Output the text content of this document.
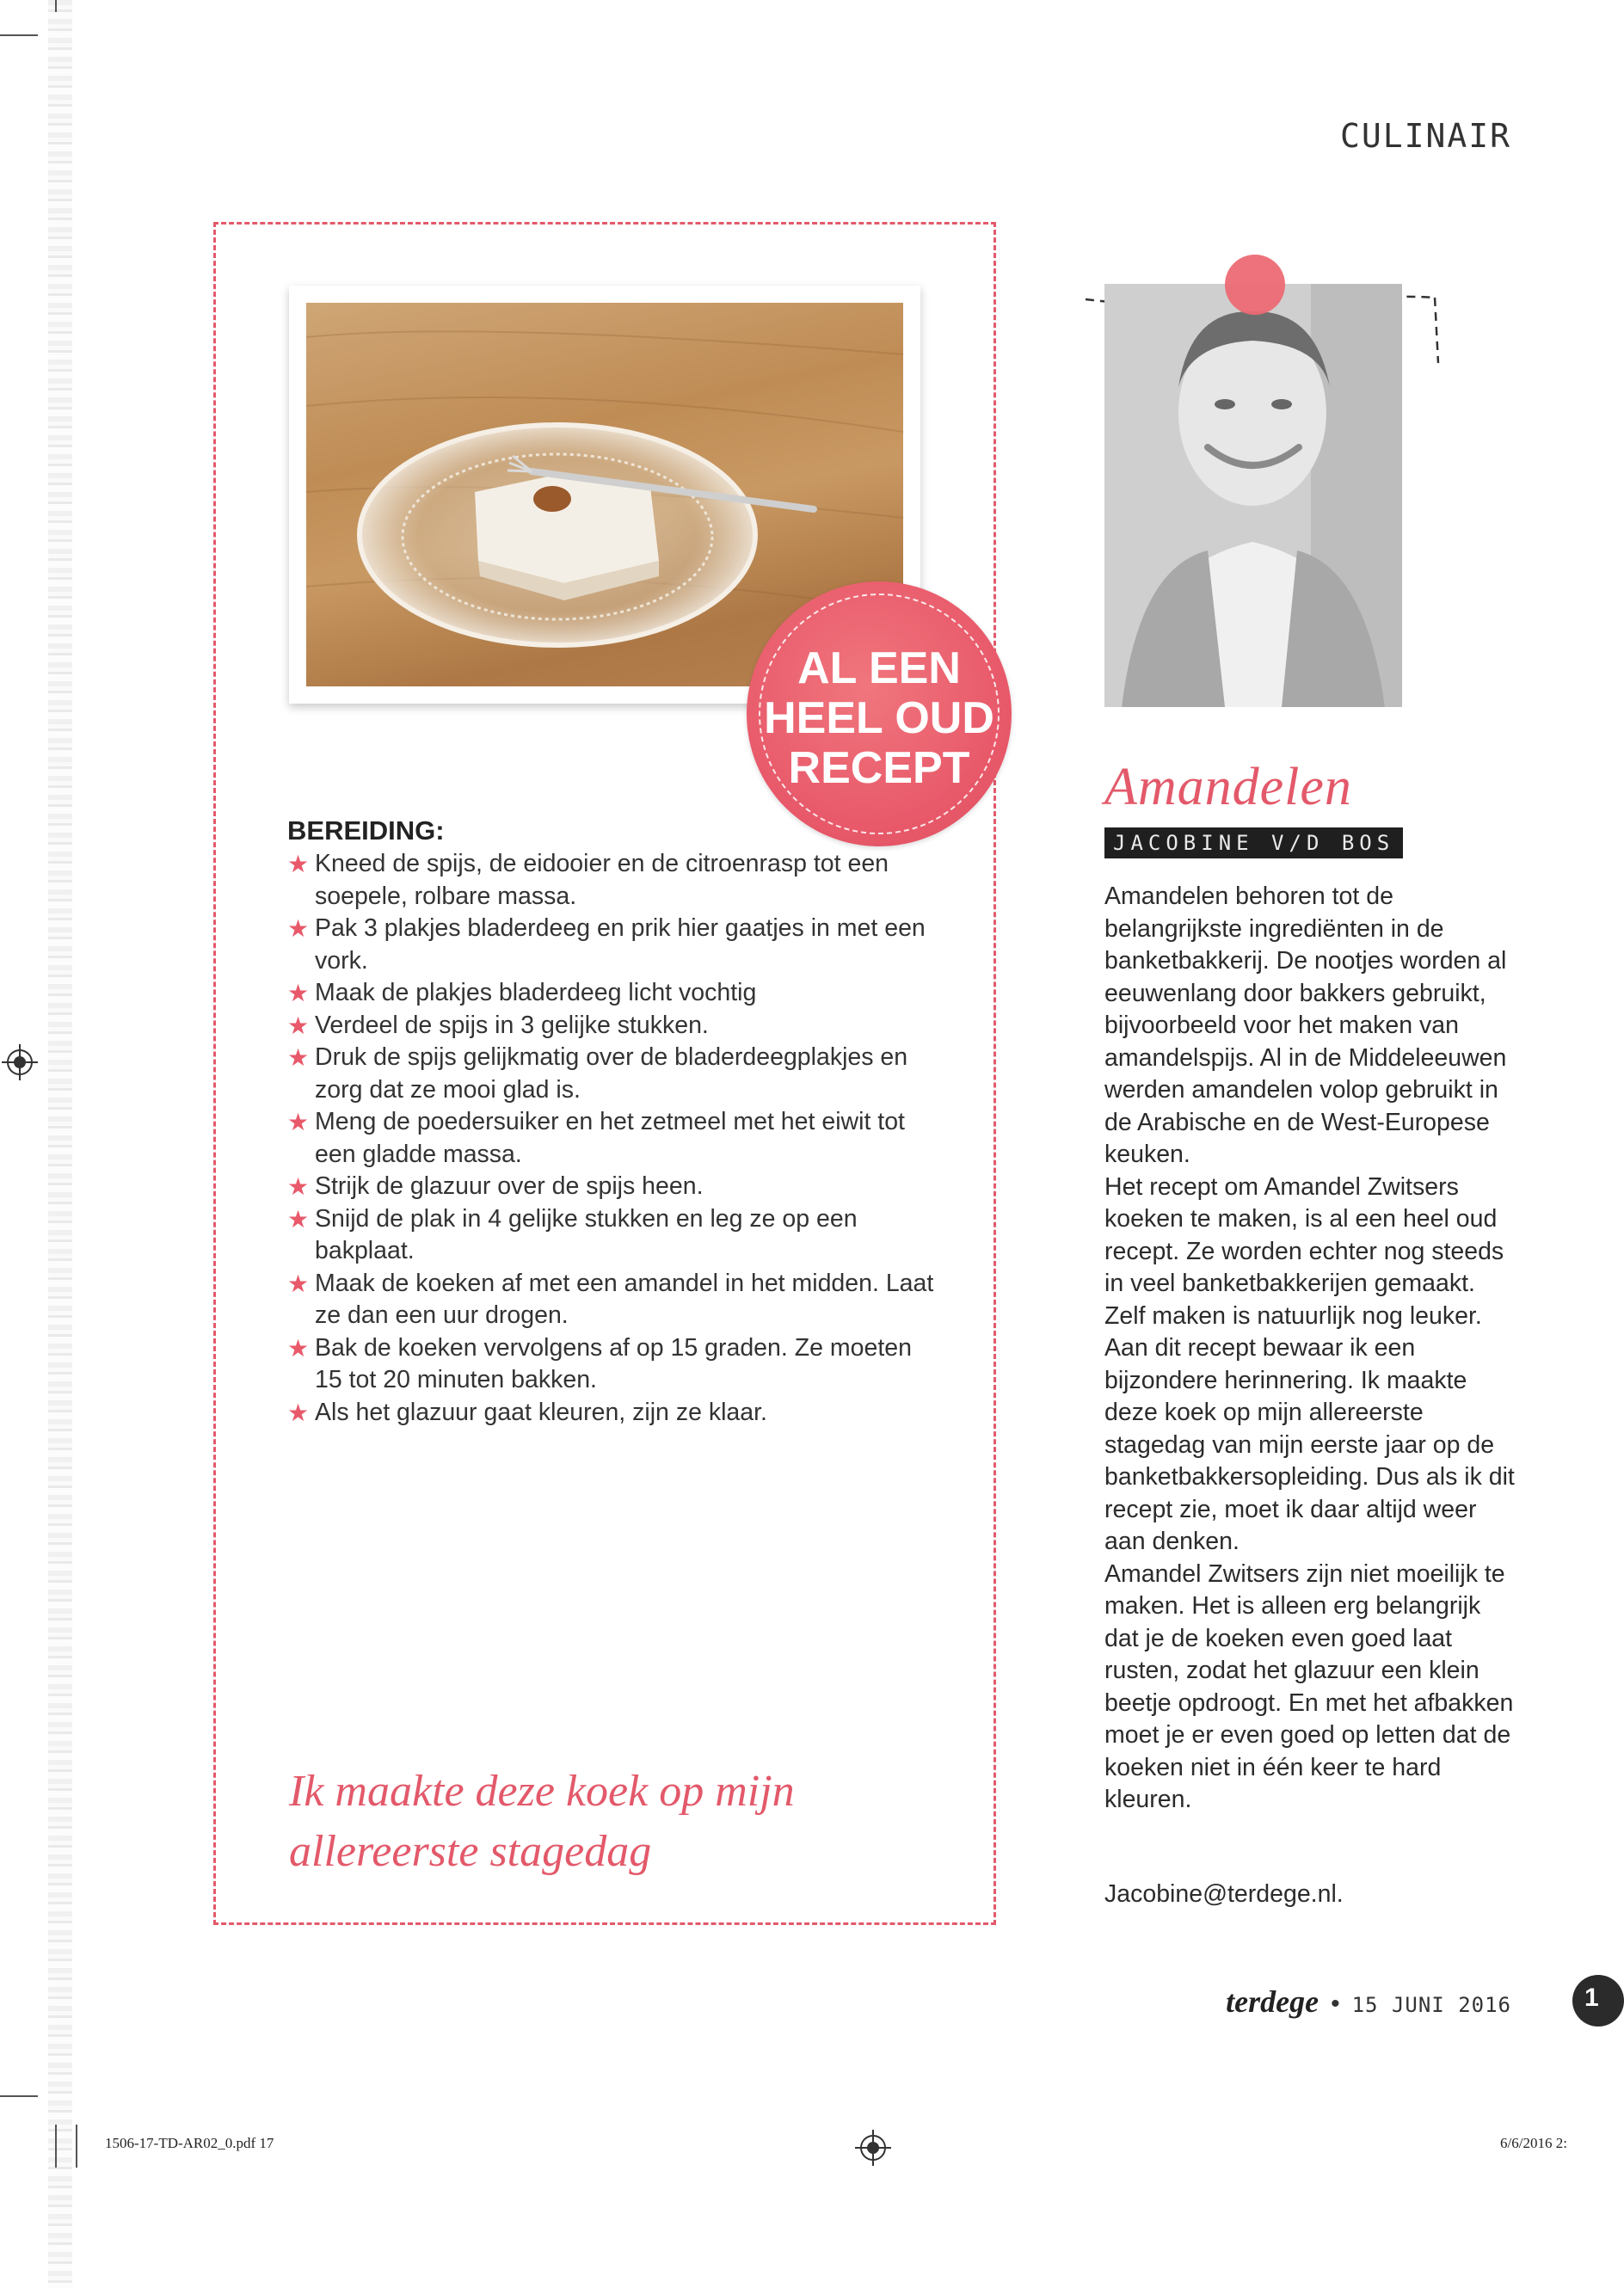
CULINAIR
AL EEN
HEEL OUD
RECEPT
BEREIDING:
★ Kneed de spijs, de eidooier en de citroenrasp tot een soepele, rolbare massa.
★ Pak 3 plakjes bladerdeeg en prik hier gaatjes in met een vork.
★ Maak de plakjes bladerdeeg licht vochtig
★ Verdeel de spijs in 3 gelijke stukken.
★ Druk de spijs gelijkmatig over de bladerdeegplakjes en zorg dat ze mooi glad is.
★ Meng de poedersuiker en het zetmeel met het eiwit tot een gladde massa.
★ Strijk de glazuur over de spijs heen.
★ Snijd de plak in 4 gelijke stukken en leg ze op een bakplaat.
★ Maak de koeken af met een amandel in het midden. Laat ze dan een uur drogen.
★ Bak de koeken vervolgens af op 15 graden. Ze moeten 15 tot 20 minuten bakken.
★ Als het glazuur gaat kleuren, zijn ze klaar.
Ik maakte deze koek op mijn allereerste stagedag
Amandelen
JACOBINE V/D BOS

Amandelen behoren tot de belangrijkste ingrediënten in de banketbakkerij. De nootjes worden al eeuwenlang door bakkers gebruikt, bijvoorbeeld voor het maken van amandelspijs. Al in de Middeleeuwen werden amandelen volop gebruikt in de Arabische en de West-Europese keuken.

Het recept om Amandel Zwitsers koeken te maken, is al een heel oud recept. Ze worden echter nog steeds in veel banketbakkerijen gemaakt.

Zelf maken is natuurlijk nog leuker. Aan dit recept bewaar ik een bijzondere herinnering. Ik maakte deze koek op mijn allereerste stagedag van mijn eerste jaar op de banketbakkersopleiding. Dus als ik dit recept zie, moet ik daar altijd weer aan denken.

Amandel Zwitsers zijn niet moeilijk te maken. Het is alleen erg belangrijk dat je de koeken even goed laat rusten, zodat het glazuur een klein beetje opdroogt. En met het afbakken moet je er even goed op letten dat de koeken niet in één keer te hard kleuren.

Jacobine@terdege.nl.
terdege • 15 JUNI 2016	1
1506-17-TD-AR02_0.pdf 17	6/6/2016 2:
